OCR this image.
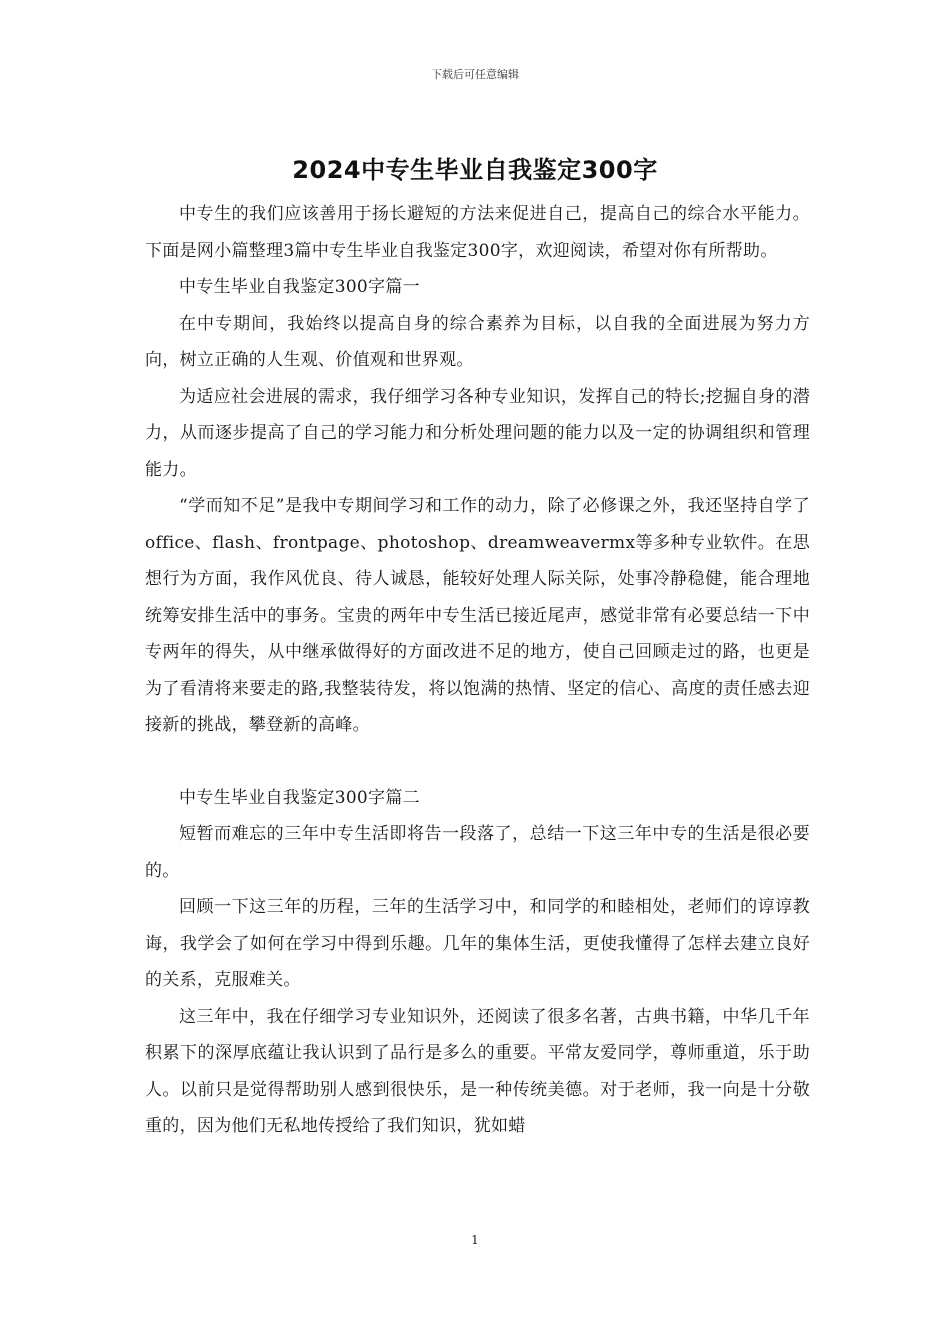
下载后可任意编辑
2024中专生毕业自我鉴定300字

中专生的我们应该善用于扬长避短的方法来促进自己，提高自己的综合水平能力。下面是网小篇整理3篇中专生毕业自我鉴定300字，欢迎阅读，希望对你有所帮助。

中专生毕业自我鉴定300字篇一

在中专期间，我始终以提高自身的综合素养为目标，以自我的全面进展为努力方向，树立正确的人生观、价值观和世界观。

为适应社会进展的需求，我仔细学习各种专业知识，发挥自己的特长;挖掘自身的潜力，从而逐步提高了自己的学习能力和分析处理问题的能力以及一定的协调组织和管理能力。

“学而知不足”是我中专期间学习和工作的动力，除了必修课之外，我还坚持自学了office、flash、frontpage、photoshop、dreamweavermx等多种专业软件。在思想行为方面，我作风优良、待人诚恳，能较好处理人际关际，处事冷静稳健，能合理地统筹安排生活中的事务。宝贵的两年中专生活已接近尾声，感觉非常有必要总结一下中专两年的得失，从中继承做得好的方面改进不足的地方，使自己回顾走过的路，也更是为了看清将来要走的路,我整装待发，将以饱满的热情、坚定的信心、高度的责任感去迎接新的挑战，攀登新的高峰。

中专生毕业自我鉴定300字篇二

短暂而难忘的三年中专生活即将告一段落了，总结一下这三年中专的生活是很必要的。

回顾一下这三年的历程，三年的生活学习中，和同学的和睦相处，老师们的谆谆教诲，我学会了如何在学习中得到乐趣。几年的集体生活，更使我懂得了怎样去建立良好的关系，克服难关。

这三年中，我在仔细学习专业知识外，还阅读了很多名著，古典书籍，中华几千年积累下的深厚底蕴让我认识到了品行是多么的重要。平常友爱同学，尊师重道，乐于助人。以前只是觉得帮助别人感到很快乐，是一种传统美德。对于老师，我一向是十分敬重的，因为他们无私地传授给了我们知识，犹如蜡

1
